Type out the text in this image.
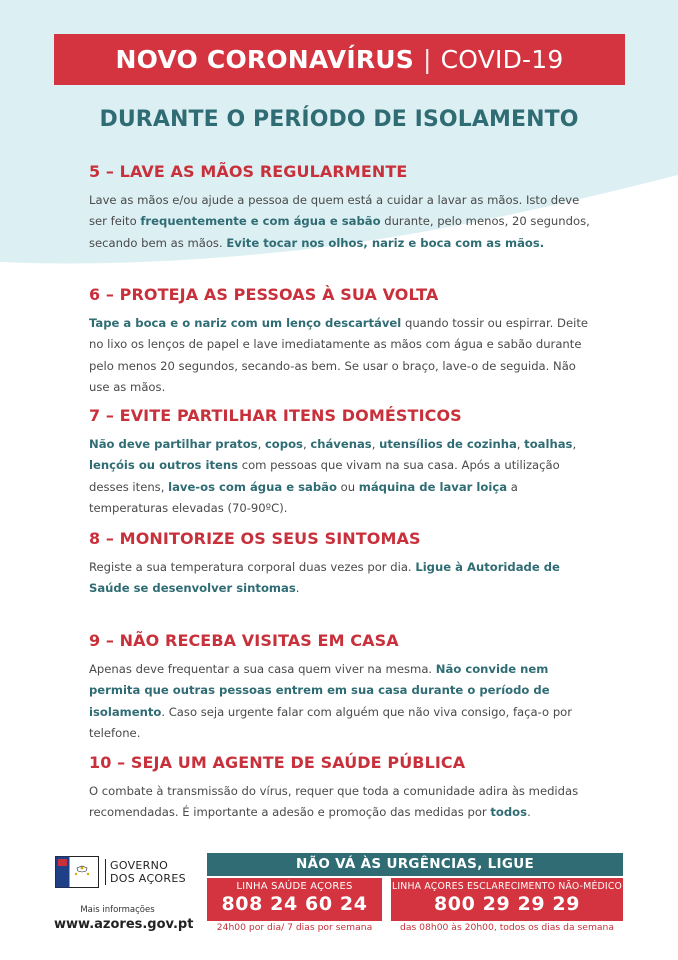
NOVO CORONAVÍRUS | COVID-19
DURANTE O PERÍODO DE ISOLAMENTO
5 – LAVE AS MÃOS REGULARMENTE

Lave as mãos e/ou ajude a pessoa de quem está a cuidar a lavar as mãos. Isto deve ser feito frequentemente e com água e sabão durante, pelo menos, 20 segundos, secando bem as mãos. Evite tocar nos olhos, nariz e boca com as mãos.

6 – PROTEJA AS PESSOAS À SUA VOLTA

Tape a boca e o nariz com um lenço descartável quando tossir ou espirrar. Deite no lixo os lenços de papel e lave imediatamente as mãos com água e sabão durante pelo menos 20 segundos, secando-as bem. Se usar o braço, lave-o de seguida. Não use as mãos.

7 – EVITE PARTILHAR ITENS DOMÉSTICOS

Não deve partilhar pratos, copos, chávenas, utensílios de cozinha, toalhas, lençóis ou outros itens com pessoas que vivam na sua casa. Após a utilização desses itens, lave-os com água e sabão ou máquina de lavar loiça a temperaturas elevadas (70-90ºC).

8 – MONITORIZE OS SEUS SINTOMAS

Registe a sua temperatura corporal duas vezes por dia. Ligue à Autoridade de Saúde se desenvolver sintomas.

9 – NÃO RECEBA VISITAS EM CASA

Apenas deve frequentar a sua casa quem viver na mesma. Não convide nem permita que outras pessoas entrem em sua casa durante o período de isolamento. Caso seja urgente falar com alguém que não viva consigo, faça-o por telefone.

10 – SEJA UM AGENTE DE SAÚDE PÚBLICA

O combate à transmissão do vírus, requer que toda a comunidade adira às medidas recomendadas. É importante a adesão e promoção das medidas por todos.

GOVERNO
DOS AÇORES
Mais informações
www.azores.gov.pt
NÃO VÁ ÀS URGÊNCIAS, LIGUE
LINHA SAÚDE AÇORES
808 24 60 24
LINHA AÇORES ESCLARECIMENTO NÃO-MÉDICO
800 29 29 29
24h00 por dia/ 7 dias por semana	das 08h00 às 20h00, todos os dias da semana
